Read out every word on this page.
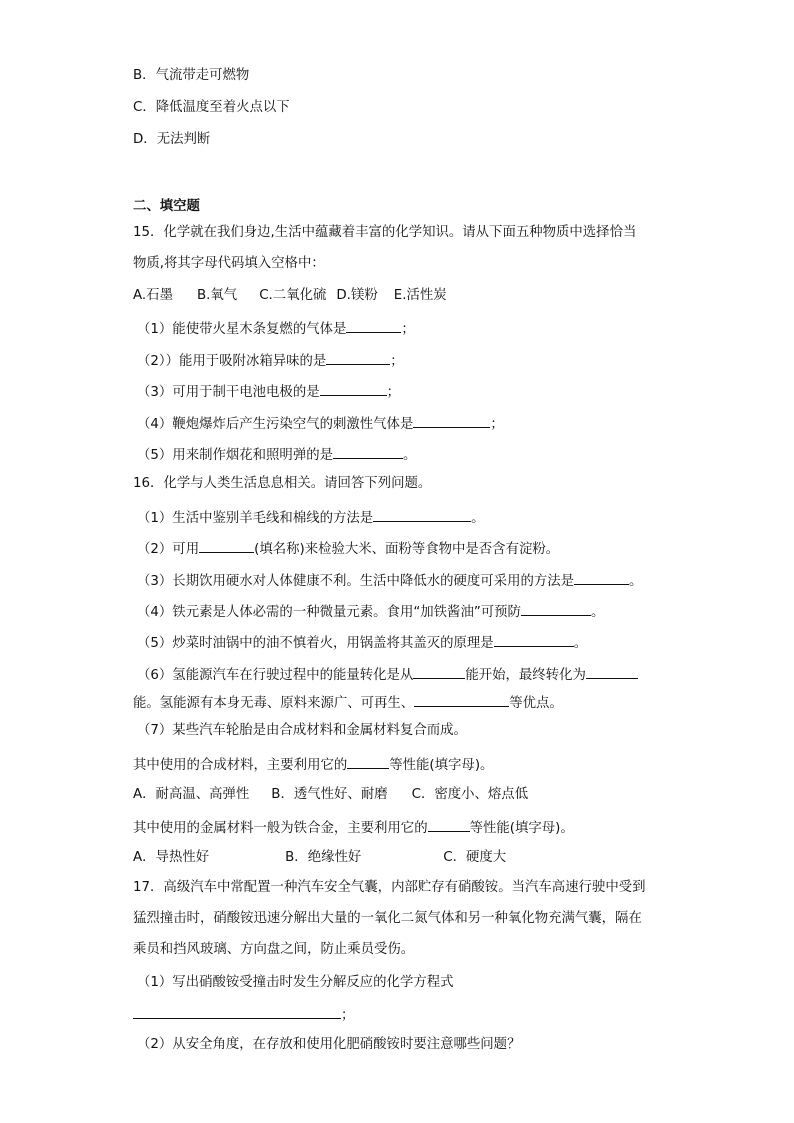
B．气流带走可燃物
C．降低温度至着火点以下
D．无法判断
二、填空题
15．化学就在我们身边,生活中蕴藏着丰富的化学知识。请从下面五种物质中选择恰当
物质,将其字母代码填入空格中：
A.石墨 B.氧气 C.二氧化硫 D.镁粉 E.活性炭
（1）能使带火星木条复燃的气体是	；
（2））能用于吸附冰箱异味的是	；
（3）可用于制干电池电极的是	；
（4）鞭炮爆炸后产生污染空气的刺激性气体是	；
（5）用来制作烟花和照明弹的是	。
16．化学与人类生活息息相关。请回答下列问题。
（1）生活中鉴别羊毛线和棉线的方法是	。
（2）可用	(填名称)来检验大米、面粉等食物中是否含有淀粉。
（3）长期饮用硬水对人体健康不利。生活中降低水的硬度可采用的方法是	。
（4）铁元素是人体必需的一种微量元素。食用“加铁酱油”可预防	。
（5）炒菜时油锅中的油不慎着火，用锅盖将其盖灭的原理是	。
（6）氢能源汽车在行驶过程中的能量转化是从	能开始，最终转化为
能。氢能源有本身无毒、原料来源广、可再生、	等优点。
（7）某些汽车轮胎是由合成材料和金属材料复合而成。
其中使用的合成材料，主要利用它的	等性能(填字母)。
A．耐高温、高弹性 B．透气性好、耐磨 C．密度小、熔点低
其中使用的金属材料一般为铁合金，主要利用它的	等性能(填字母)。
A．导热性好	B．绝缘性好	C．硬度大
17．高级汽车中常配置一种汽车安全气囊，内部贮存有硝酸铵。当汽车高速行驶中受到
猛烈撞击时，硝酸铵迅速分解出大量的一氧化二氮气体和另一种氧化物充满气囊，隔在
乘员和挡风玻璃、方向盘之间，防止乘员受伤。
（1）写出硝酸铵受撞击时发生分解反应的化学方程式
；
（2）从安全角度，在存放和使用化肥硝酸铵时要注意哪些问题？
